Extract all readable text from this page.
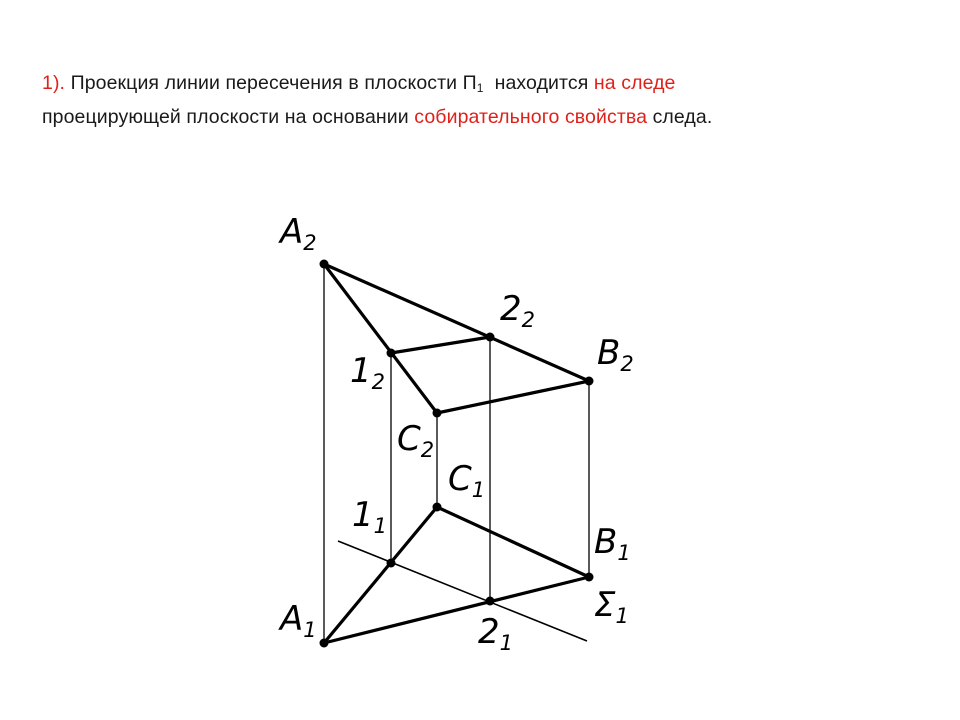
1). Проекция линии пересечения в плоскости $П_1$ находится на следе
проецирующей плоскости на основании собирательного свойства следа.
$A_2$
$2_2$
$B_2$
$1_2$
$C_2$
$C_1$
$1_1$	$B_1$
$\Sigma_1$
$A_1$	$2_1$
